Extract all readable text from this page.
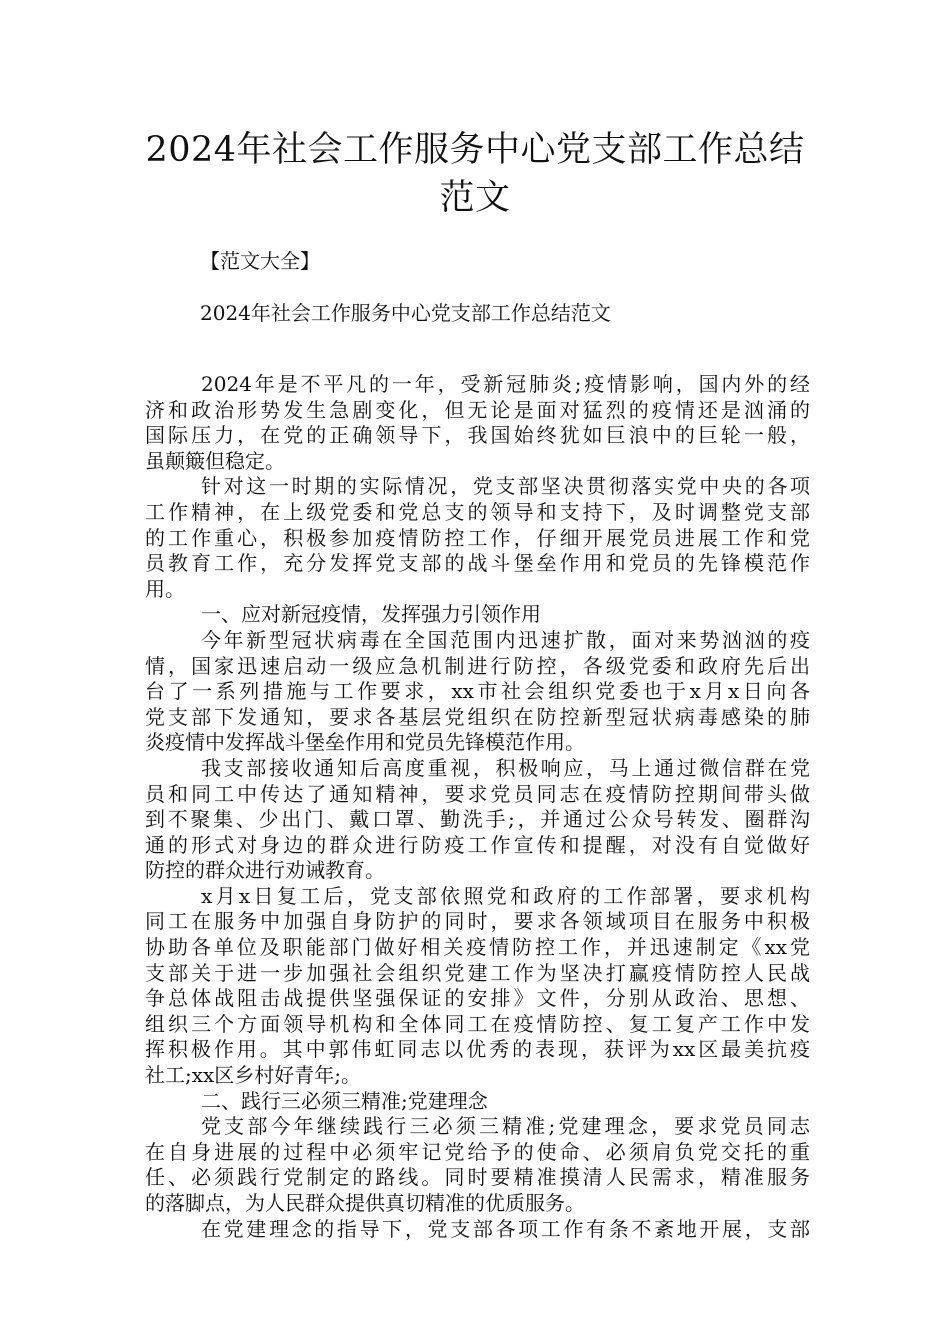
2024年社会工作服务中心党支部工作总结
范文
【范文大全】
2024年社会工作服务中心党支部工作总结范文
2024年是不平凡的一年，受新冠肺炎;疫情影响，国内外的经
济和政治形势发生急剧变化，但无论是面对猛烈的疫情还是汹涌的
国际压力，在党的正确领导下，我国始终犹如巨浪中的巨轮一般，
虽颠簸但稳定。
针对这一时期的实际情况，党支部坚决贯彻落实党中央的各项
工作精神，在上级党委和党总支的领导和支持下，及时调整党支部
的工作重心，积极参加疫情防控工作，仔细开展党员进展工作和党
员教育工作，充分发挥党支部的战斗堡垒作用和党员的先锋模范作
用。
一、应对新冠疫情，发挥强力引领作用
今年新型冠状病毒在全国范围内迅速扩散，面对来势汹汹的疫
情，国家迅速启动一级应急机制进行防控，各级党委和政府先后出
台了一系列措施与工作要求，xx市社会组织党委也于x月x日向各
党支部下发通知，要求各基层党组织在防控新型冠状病毒感染的肺
炎疫情中发挥战斗堡垒作用和党员先锋模范作用。
我支部接收通知后高度重视，积极响应，马上通过微信群在党
员和同工中传达了通知精神，要求党员同志在疫情防控期间带头做
到不聚集、少出门、戴口罩、勤洗手;，并通过公众号转发、圈群沟
通的形式对身边的群众进行防疫工作宣传和提醒，对没有自觉做好
防控的群众进行劝诫教育。
x月x日复工后，党支部依照党和政府的工作部署，要求机构
同工在服务中加强自身防护的同时，要求各领域项目在服务中积极
协助各单位及职能部门做好相关疫情防控工作，并迅速制定《xx党
支部关于进一步加强社会组织党建工作为坚决打赢疫情防控人民战
争总体战阻击战提供坚强保证的安排》文件，分别从政治、思想、
组织三个方面领导机构和全体同工在疫情防控、复工复产工作中发
挥积极作用。其中郭伟虹同志以优秀的表现，获评为xx区最美抗疫
社工;xx区乡村好青年;。
二、践行三必须三精准;党建理念
党支部今年继续践行三必须三精准;党建理念，要求党员同志
在自身进展的过程中必须牢记党给予的使命、必须肩负党交托的重
任、必须践行党制定的路线。同时要精准摸清人民需求，精准服务
的落脚点，为人民群众提供真切精准的优质服务。
在党建理念的指导下，党支部各项工作有条不紊地开展，支部
